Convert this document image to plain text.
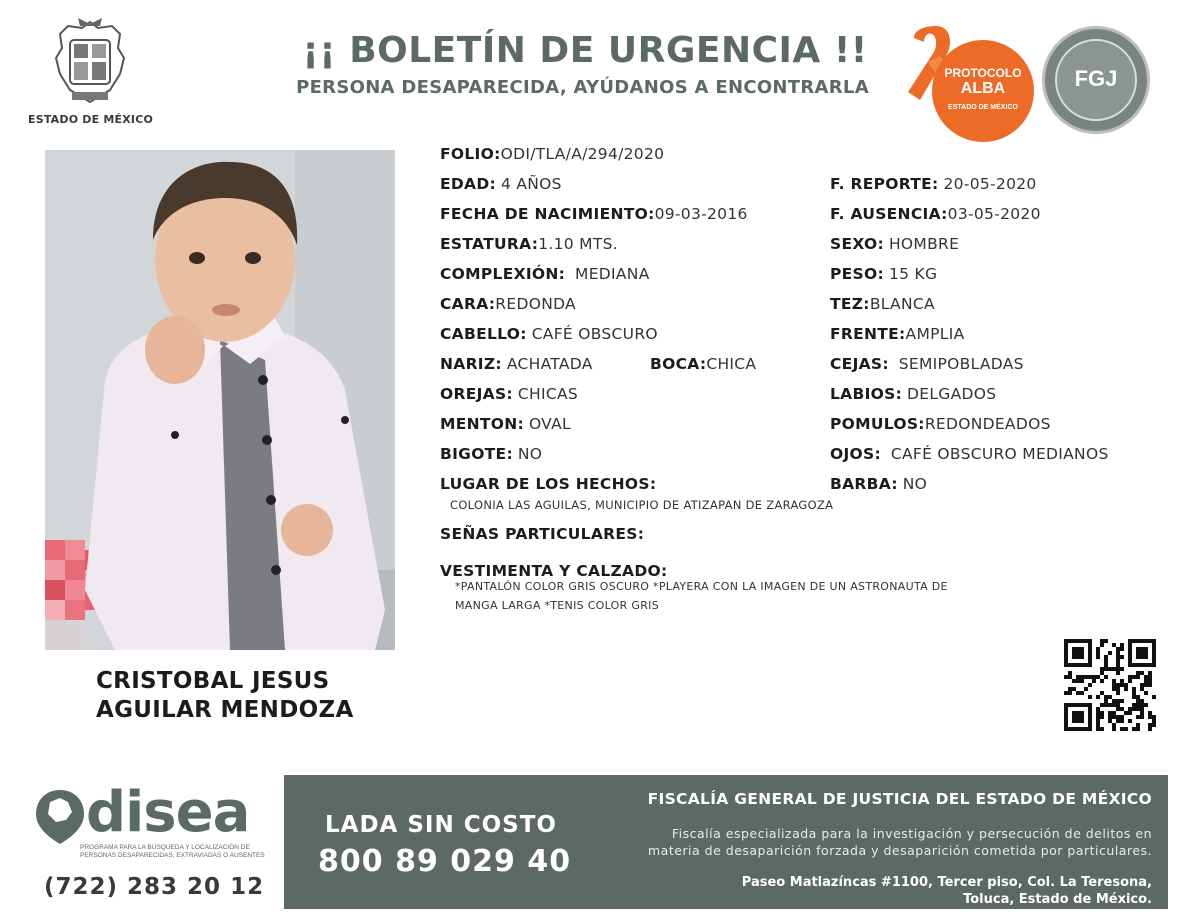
ESTADO DE MÉXICO
¡¡ BOLETÍN DE URGENCIA !!
PERSONA DESAPARECIDA, AYÚDANOS A ENCONTRARLA
PROTOCOLO
ALBA
ESTADO DE MÉXICO
FGJ
CRISTOBAL JESUS
AGUILAR MENDOZA
FOLIO:ODI/TLA/A/294/2020
EDAD: 4 AÑOS	F. REPORTE: 20-05-2020
FECHA DE NACIMIENTO:09-03-2016	F. AUSENCIA:03-05-2020
ESTATURA:1.10 MTS.	SEXO: HOMBRE
COMPLEXIÓN: MEDIANA	PESO: 15 KG
CARA:REDONDA	TEZ:BLANCA
CABELLO: CAFÉ OBSCURO	FRENTE:AMPLIA
NARIZ: ACHATADA	BOCA:CHICA	CEJAS: SEMIPOBLADAS
OREJAS: CHICAS	LABIOS: DELGADOS
MENTON: OVAL	POMULOS:REDONDEADOS
BIGOTE: NO	OJOS: CAFÉ OBSCURO MEDIANOS
LUGAR DE LOS HECHOS:	BARBA: NO
COLONIA LAS AGUILAS, MUNICIPIO DE ATIZAPAN DE ZARAGOZA
SEÑAS PARTICULARES:
VESTIMENTA Y CALZADO:
*PANTALÓN COLOR GRIS OSCURO *PLAYERA CON LA IMAGEN DE UN ASTRONAUTA DE
MANGA LARGA *TENIS COLOR GRIS
disea
PROGRAMA PARA LA BÚSQUEDA Y LOCALIZACIÓN DE PERSONAS DESAPARECIDAS, EXTRAVIADAS O AUSENTES
(722) 283 20 12
LADA SIN COSTO
800 89 029 40
FISCALÍA GENERAL DE JUSTICIA DEL ESTADO DE MÉXICO
Fiscalía especializada para la investigación y persecución de delitos en
materia de desaparición forzada y desaparición cometida por particulares.
Paseo Matlazíncas #1100, Tercer piso, Col. La Teresona,
Toluca, Estado de México.
